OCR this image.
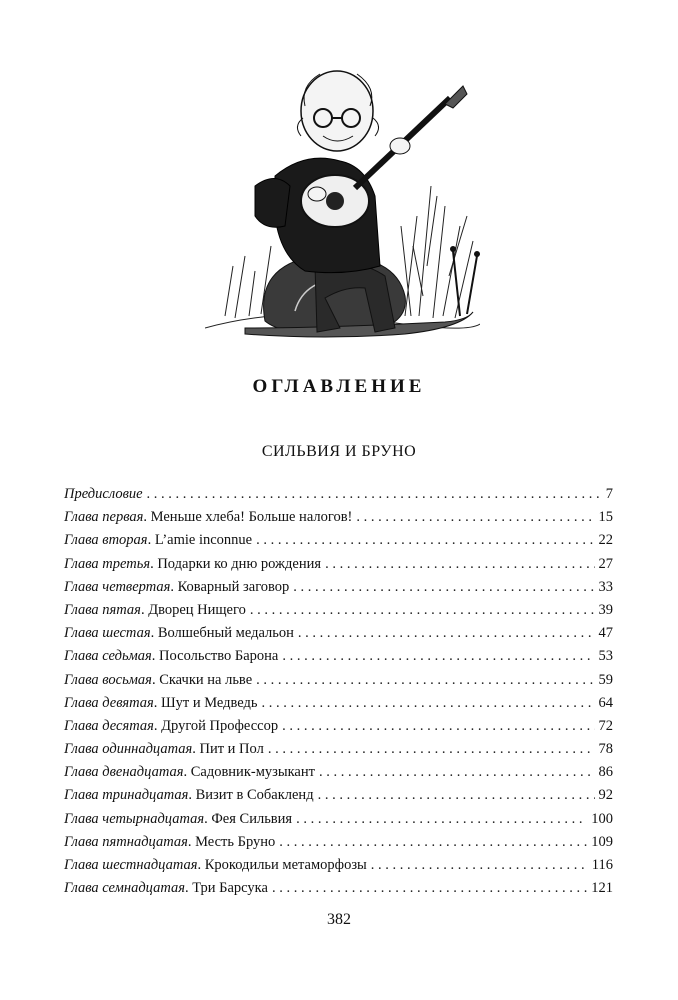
ОГЛАВЛЕНИЕ
СИЛЬВИЯ И БРУНО
Предисловие . . .	7
Глава первая. Меньше хлеба! Больше налогов! . . .	15
Глава вторая. L’amie inconnue . . .	22
Глава третья. Подарки ко дню рождения . . .	27
Глава четвертая. Коварный заговор . . .	33
Глава пятая. Дворец Нищего . . .	39
Глава шестая. Волшебный медальон . . .	47
Глава седьмая. Посольство Барона . . .	53
Глава восьмая. Скачки на льве . . .	59
Глава девятая. Шут и Медведь . . .	64
Глава десятая. Другой Профессор . . .	72
Глава одиннадцатая. Пит и Пол . . .	78
Глава двенадцатая. Садовник-музыкант . . .	86
Глава тринадцатая. Визит в Собакленд . . .	92
Глава четырнадцатая. Фея Сильвия . . .	100
Глава пятнадцатая. Месть Бруно . . .	109
Глава шестнадцатая. Крокодильи метаморфозы . . .	116
Глава семнадцатая. Три Барсука . . .	121
382
